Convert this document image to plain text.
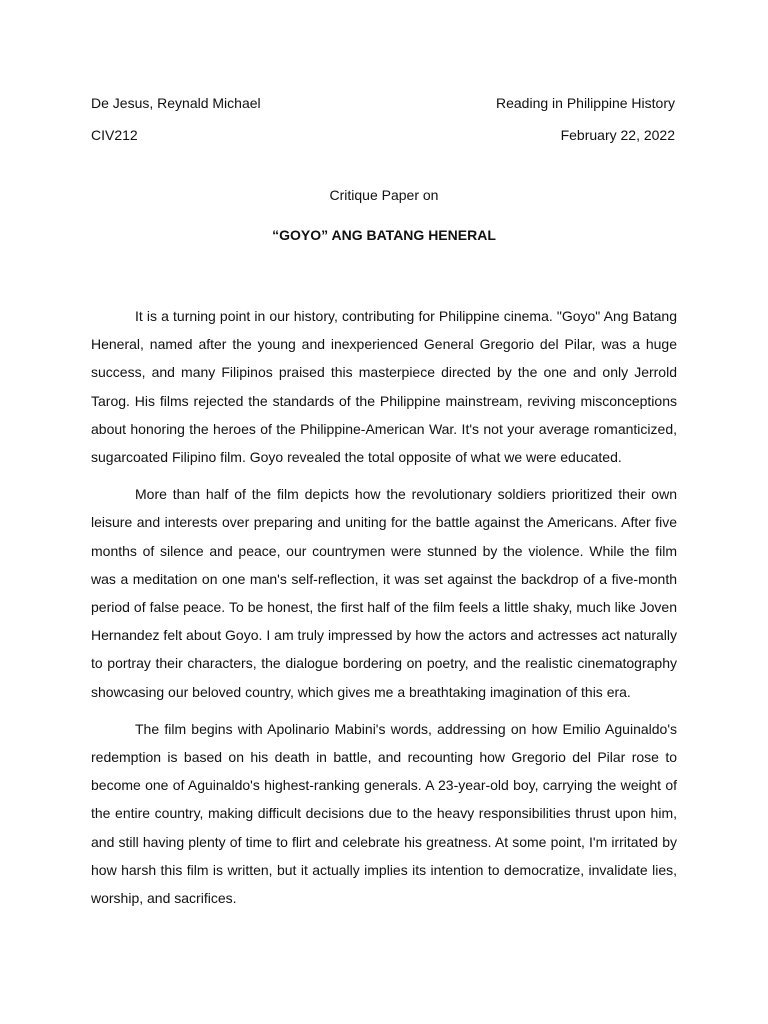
De Jesus, Reynald Michael	Reading in Philippine History
CIV212	February 22, 2022
Critique Paper on
“GOYO” ANG BATANG HENERAL

It is a turning point in our history, contributing for Philippine cinema. "Goyo" Ang Batang Heneral, named after the young and inexperienced General Gregorio del Pilar, was a huge success, and many Filipinos praised this masterpiece directed by the one and only Jerrold Tarog. His films rejected the standards of the Philippine mainstream, reviving misconceptions about honoring the heroes of the Philippine-American War. It's not your average romanticized, sugarcoated Filipino film. Goyo revealed the total opposite of what we were educated.

More than half of the film depicts how the revolutionary soldiers prioritized their own leisure and interests over preparing and uniting for the battle against the Americans. After five months of silence and peace, our countrymen were stunned by the violence. While the film was a meditation on one man's self-reflection, it was set against the backdrop of a five-month period of false peace. To be honest, the first half of the film feels a little shaky, much like Joven Hernandez felt about Goyo. I am truly impressed by how the actors and actresses act naturally to portray their characters, the dialogue bordering on poetry, and the realistic cinematography showcasing our beloved country, which gives me a breathtaking imagination of this era.

The film begins with Apolinario Mabini's words, addressing on how Emilio Aguinaldo's redemption is based on his death in battle, and recounting how Gregorio del Pilar rose to become one of Aguinaldo's highest-ranking generals. A 23-year-old boy, carrying the weight of the entire country, making difficult decisions due to the heavy responsibilities thrust upon him, and still having plenty of time to flirt and celebrate his greatness. At some point, I'm irritated by how harsh this film is written, but it actually implies its intention to democratize, invalidate lies, worship, and sacrifices.
